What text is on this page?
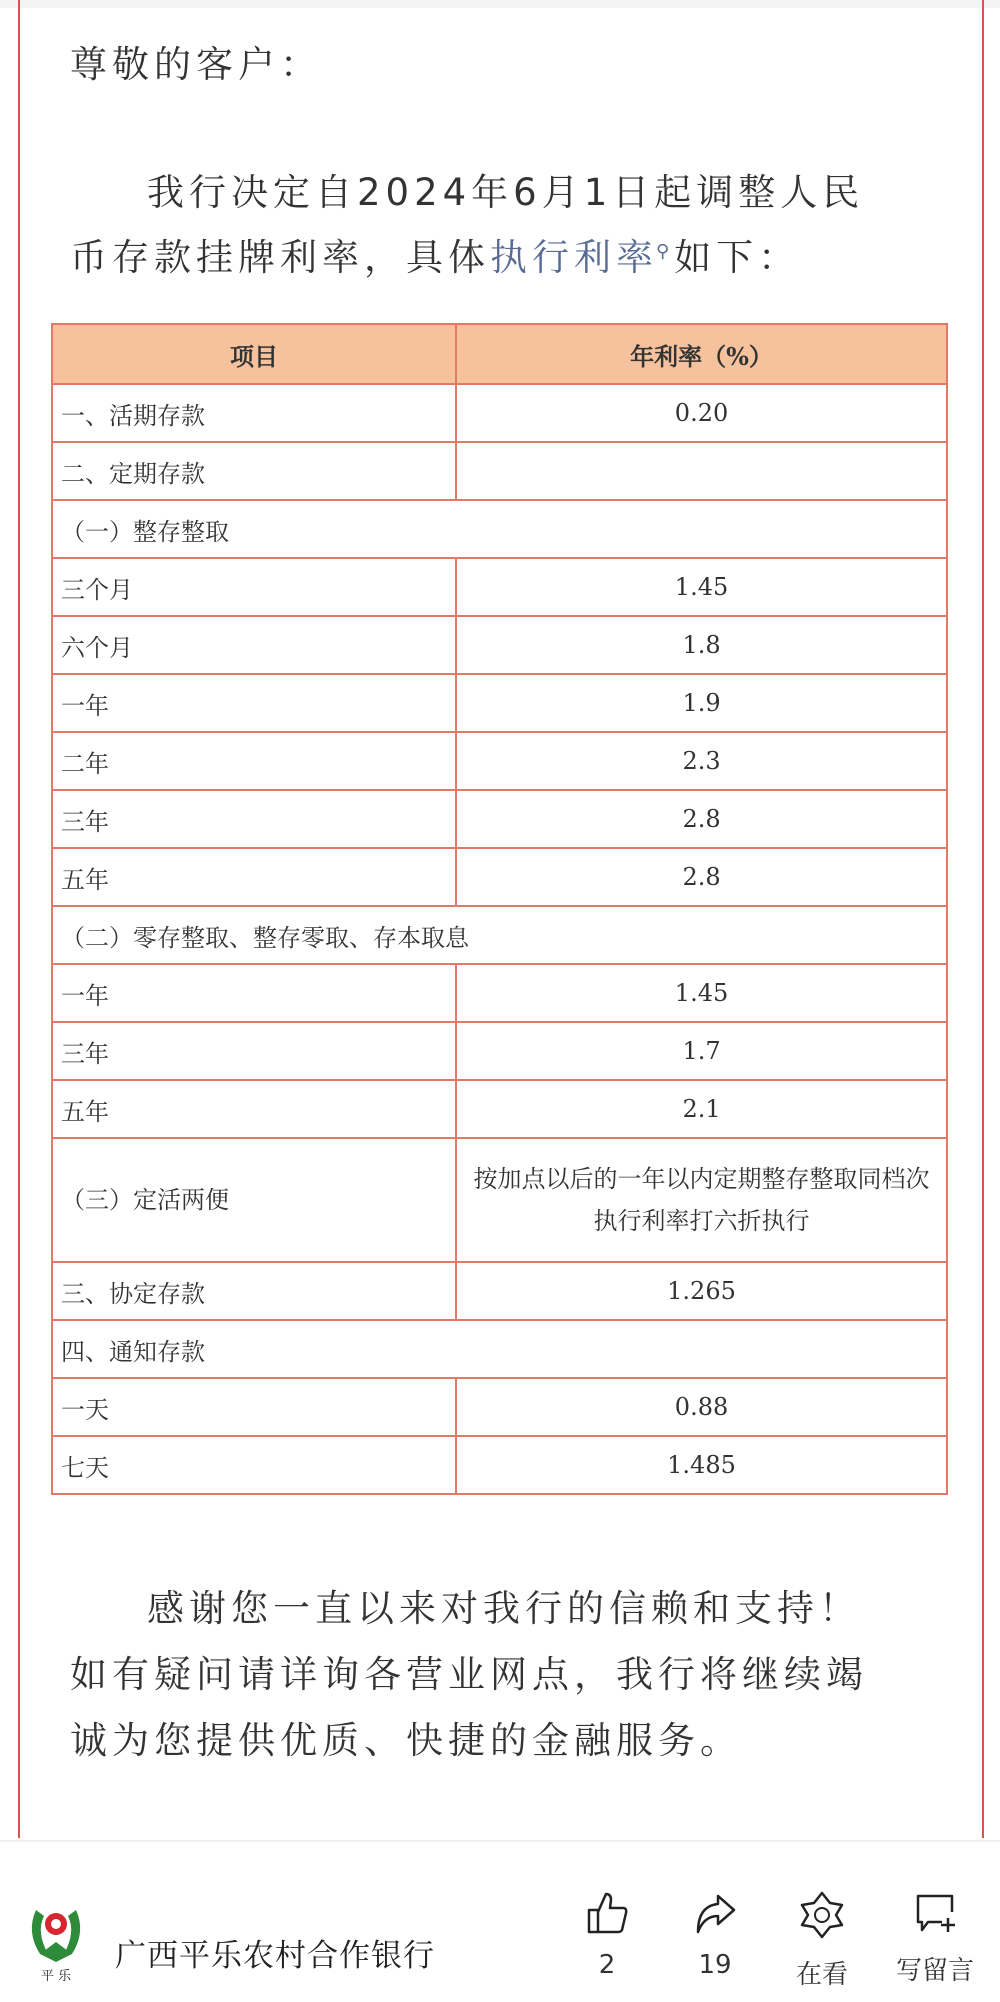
尊敬的客户：
我行决定自2024年6月1日起调整人民
币存款挂牌利率，具体执行利率⚲如下：
项目	年利率（%）
一、活期存款	0.20
二、定期存款	
（一）整存整取	
三个月	1.45
六个月	1.8
一年	1.9
二年	2.3
三年	2.8
五年	2.8
（二）零存整取、整存零取、存本取息	
一年	1.45
三年	1.7
五年	2.1
（三）定活两便	按加点以后的一年以内定期整存整取同档次执行利率打六折执行
三、协定存款	1.265
四、通知存款	
一天	0.88
七天	1.485
感谢您一直以来对我行的信赖和支持！
如有疑问请详询各营业网点，我行将继续竭
诚为您提供优质、快捷的金融服务。
平 乐
广西平乐农村合作银行	2	19	在看	写留言
